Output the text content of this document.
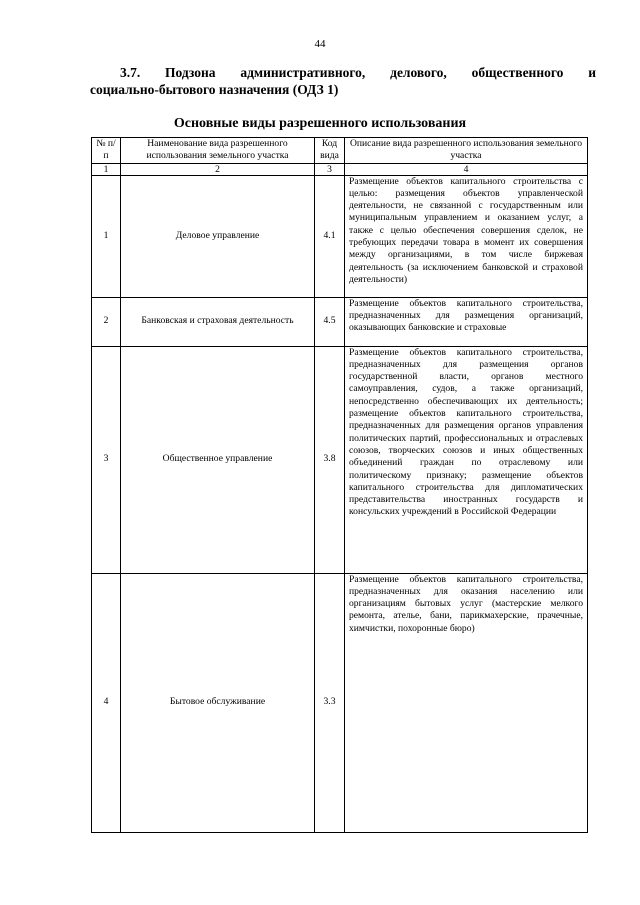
44
3.7. Подзона административного, делового, общественного и
социально-бытового назначения (ОДЗ 1)
Основные виды разрешенного использования
№ п/п	Наименование вида разрешенного использования земельного участка	Код вида	Описание вида разрешенного использования земельного участка
1	2	3	4
1	Деловое управление	4.1	Размещение объектов капитального строительства с целью: размещения объектов управленческой деятельности, не связанной с государственным или муниципальным управлением и оказанием услуг, а также с целью обеспечения совершения сделок, не требующих передачи товара в момент их совершения между организациями, в том числе биржевая деятельность (за исключением банковской и страховой деятельности)
2	Банковская и страховая деятельность	4.5	Размещение объектов капитального строительства, предназначенных для размещения организаций, оказывающих банковские и страховые
3	Общественное управление	3.8	Размещение объектов капитального строительства, предназначенных для размещения органов государственной власти, органов местного самоуправления, судов, а также организаций, непосредственно обеспечивающих их деятельность; размещение объектов капитального строительства, предназначенных для размещения органов управления политических партий, профессиональных и отраслевых союзов, творческих союзов и иных общественных объединений граждан по отраслевому или политическому признаку; размещение объектов капитального строительства для дипломатических представительства иностранных государств и консульских учреждений в Российской Федерации
4	Бытовое обслуживание	3.3	Размещение объектов капитального строительства, предназначенных для оказания населению или организациям бытовых услуг (мастерские мелкого ремонта, ателье, бани, парикмахерские, прачечные, химчистки, похоронные бюро)
